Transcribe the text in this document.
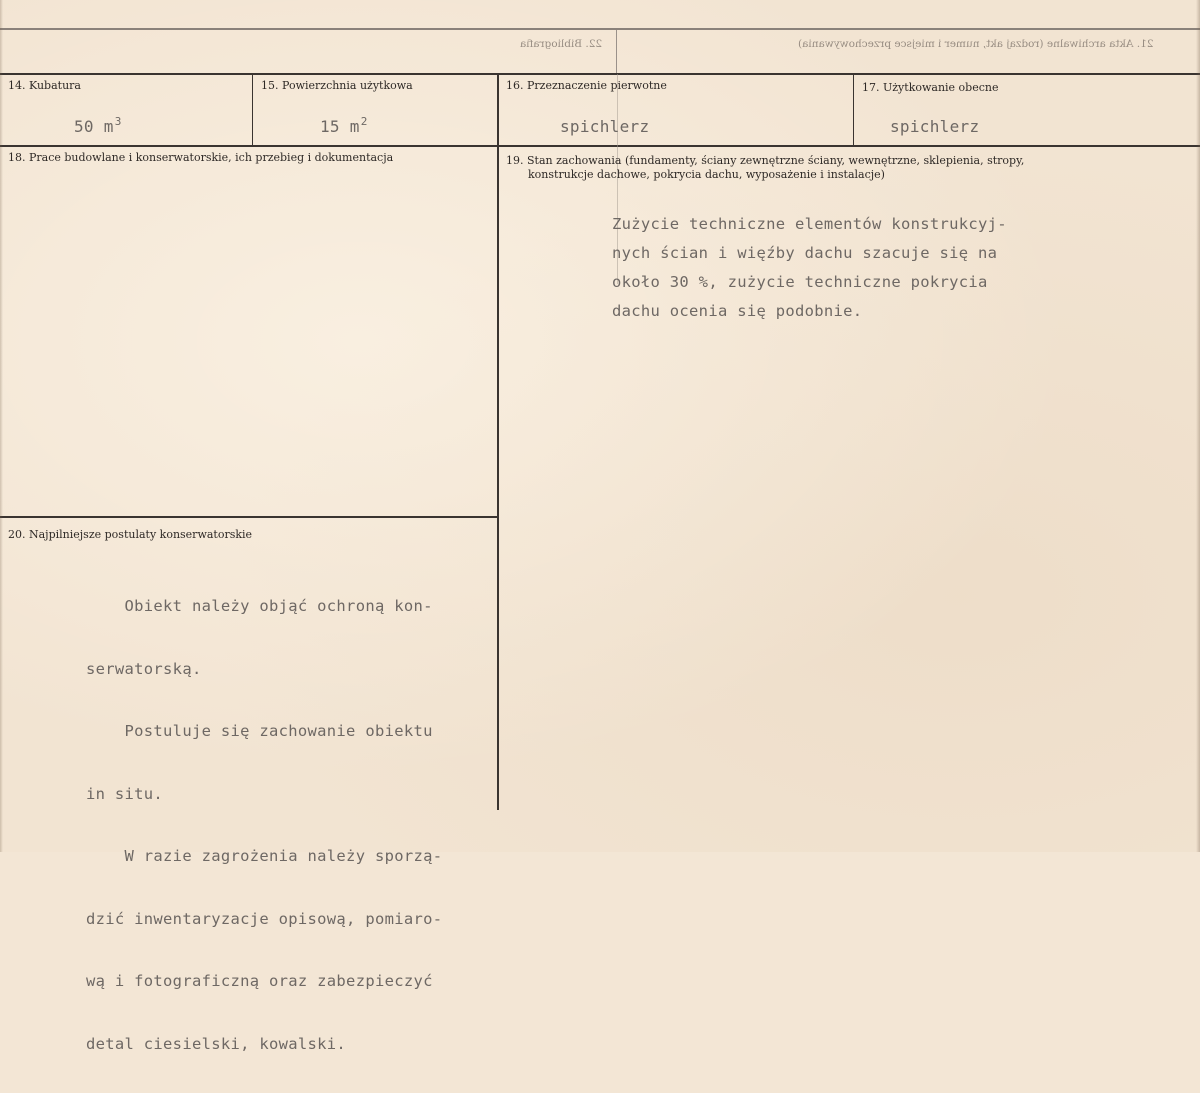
22. Bibliografia	21. Akta archiwalne (rodzaj akt, numer i miejsce przechowywania)
14. Kubatura
50 $m^3$
15. Powierzchnia użytkowa
15 $m^2$
16. Przeznaczenie pierwotne
spichlerz
17. Użytkowanie obecne
spichlerz
18. Prace budowlane i konserwatorskie, ich przebieg i dokumentacja	19. Stan zachowania (fundamenty, ściany zewnętrzne ściany, wewnętrzne, sklepienia, stropy,
konstrukcje dachowe, pokrycia dachu, wyposażenie i instalacje)
Zużycie techniczne elementów konstrukcyj-
nych ścian i więźby dachu szacuje się na
około 30 %, zużycie techniczne pokrycia
dachu ocenia się podobnie.
20. Najpilniejsze postulaty konserwatorskie

Obiekt należy objąć ochroną kon-

serwatorską.

Postuluje się zachowanie obiektu

in situ.

W razie zagrożenia należy sporzą-

dzić inwentaryzacje opisową, pomiaro-

wą i fotograficzną oraz zabezpieczyć

detal ciesielski, kowalski.
